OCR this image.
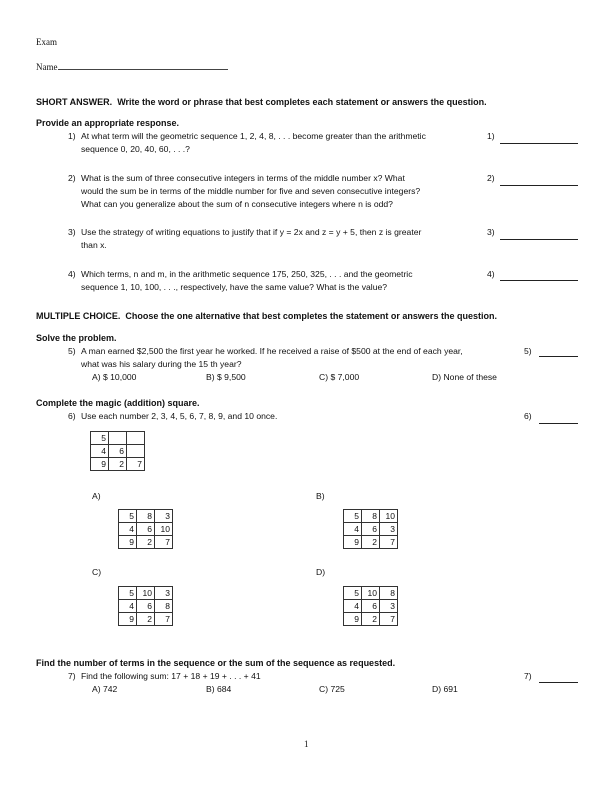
Exam
Name
SHORT ANSWER. Write the word or phrase that best completes each statement or answers the question.
Provide an appropriate response.
1) At what term will the geometric sequence 1, 2, 4, 8, . . . become greater than the arithmetic
sequence 0, 20, 40, 60, . . .?
1)
2) What is the sum of three consecutive integers in terms of the middle number x? What
would the sum be in terms of the middle number for five and seven consecutive integers?
What can you generalize about the sum of n consecutive integers where n is odd?
2)
3) Use the strategy of writing equations to justify that if y = 2x and z = y + 5, then z is greater
than x.
3)
4) Which terms, n and m, in the arithmetic sequence 175, 250, 325, . . . and the geometric
sequence 1, 10, 100, . . ., respectively, have the same value? What is the value?
4)
MULTIPLE CHOICE. Choose the one alternative that best completes the statement or answers the question.
Solve the problem.
5) A man earned $2,500 the first year he worked. If he received a raise of $500 at the end of each year,
what was his salary during the 15 th year?
5)
A) $ 10,000	B) $ 9,500	C) $ 7,000	D) None of these
Complete the magic (addition) square.
6) Use each number 2, 3, 4, 5, 6, 7, 8, 9, and 10 once.	6)
5		
4	6	
9	2	7
A)
5	8	3
4	6	10
9	2	7
B)
5	8	10
4	6	3
9	2	7
C)
5	10	3
4	6	8
9	2	7
D)
5	10	8
4	6	3
9	2	7
Find the number of terms in the sequence or the sum of the sequence as requested.
7) Find the following sum: 17 + 18 + 19 + . . . + 41	7)
A) 742	B) 684	C) 725	D) 691
1
